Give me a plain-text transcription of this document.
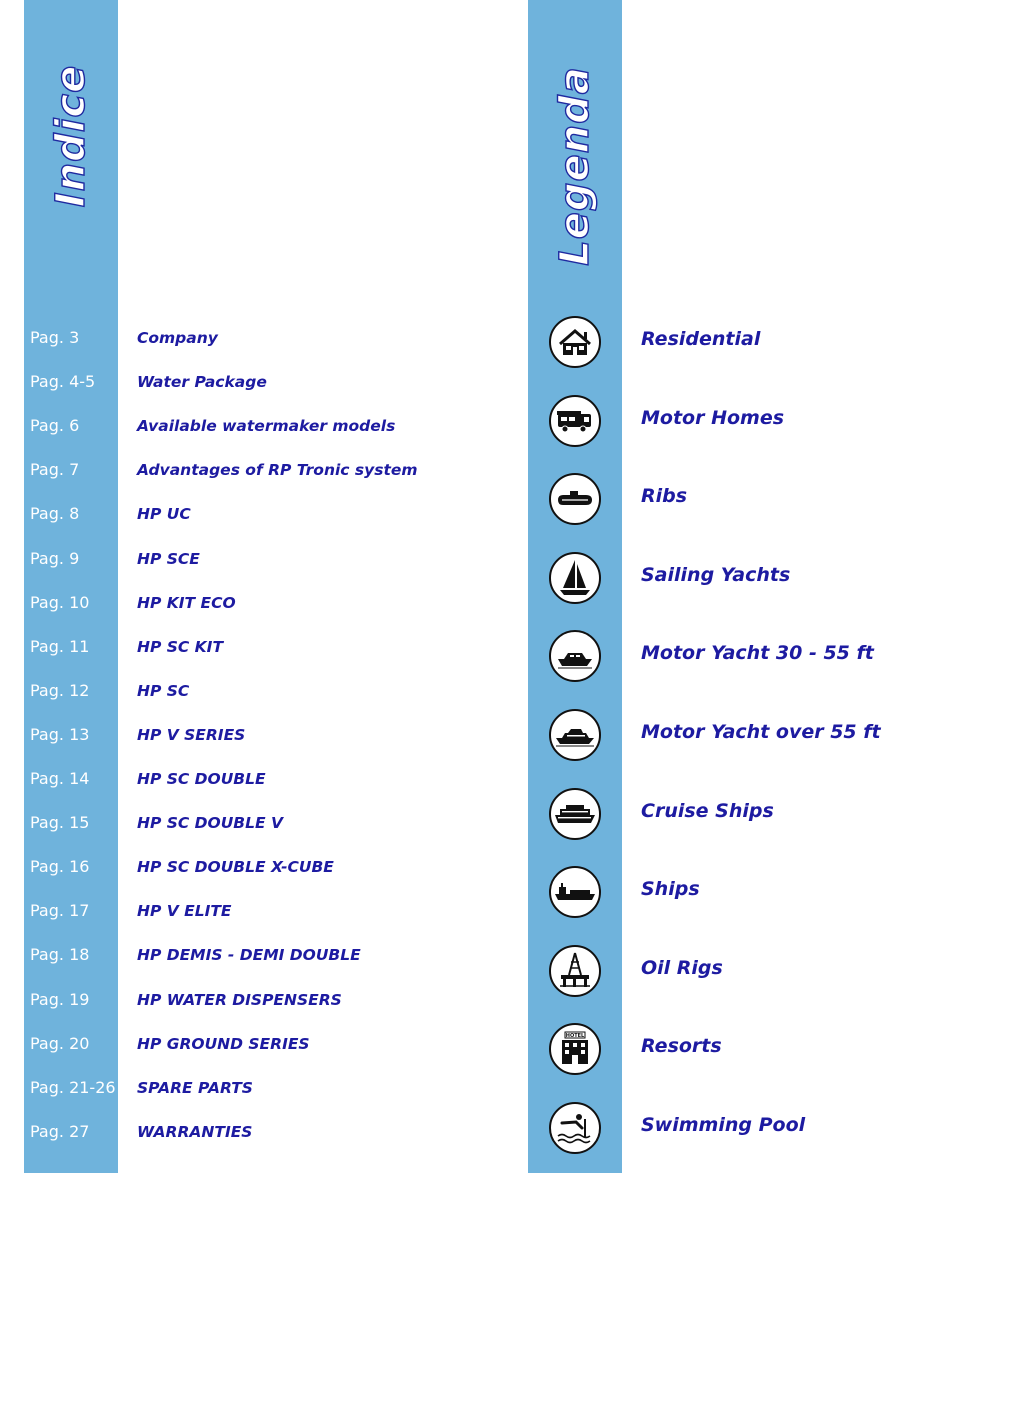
Indice	Legenda
Pag. 3	Company
Pag. 4-5	Water Package
Pag. 6	Available watermaker models
Pag. 7	Advantages of RP Tronic system
Pag. 8	HP UC
Pag. 9	HP SCE
Pag. 10	HP KIT ECO
Pag. 11	HP SC KIT
Pag. 12	HP SC
Pag. 13	HP V SERIES
Pag. 14	HP SC DOUBLE
Pag. 15	HP SC DOUBLE V
Pag. 16	HP SC DOUBLE X-CUBE
Pag. 17	HP V ELITE
Pag. 18	HP DEMIS - DEMI DOUBLE
Pag. 19	HP WATER DISPENSERS
Pag. 20	HP GROUND SERIES
Pag. 21-26 SPARE PARTS
Pag. 27	WARRANTIES
Residential
Motor Homes
Ribs
Sailing Yachts
Motor Yacht 30 - 55 ft
Motor Yacht over 55 ft
Cruise Ships
Ships
Oil Rigs
HOTEL	Resorts
Swimming Pool
